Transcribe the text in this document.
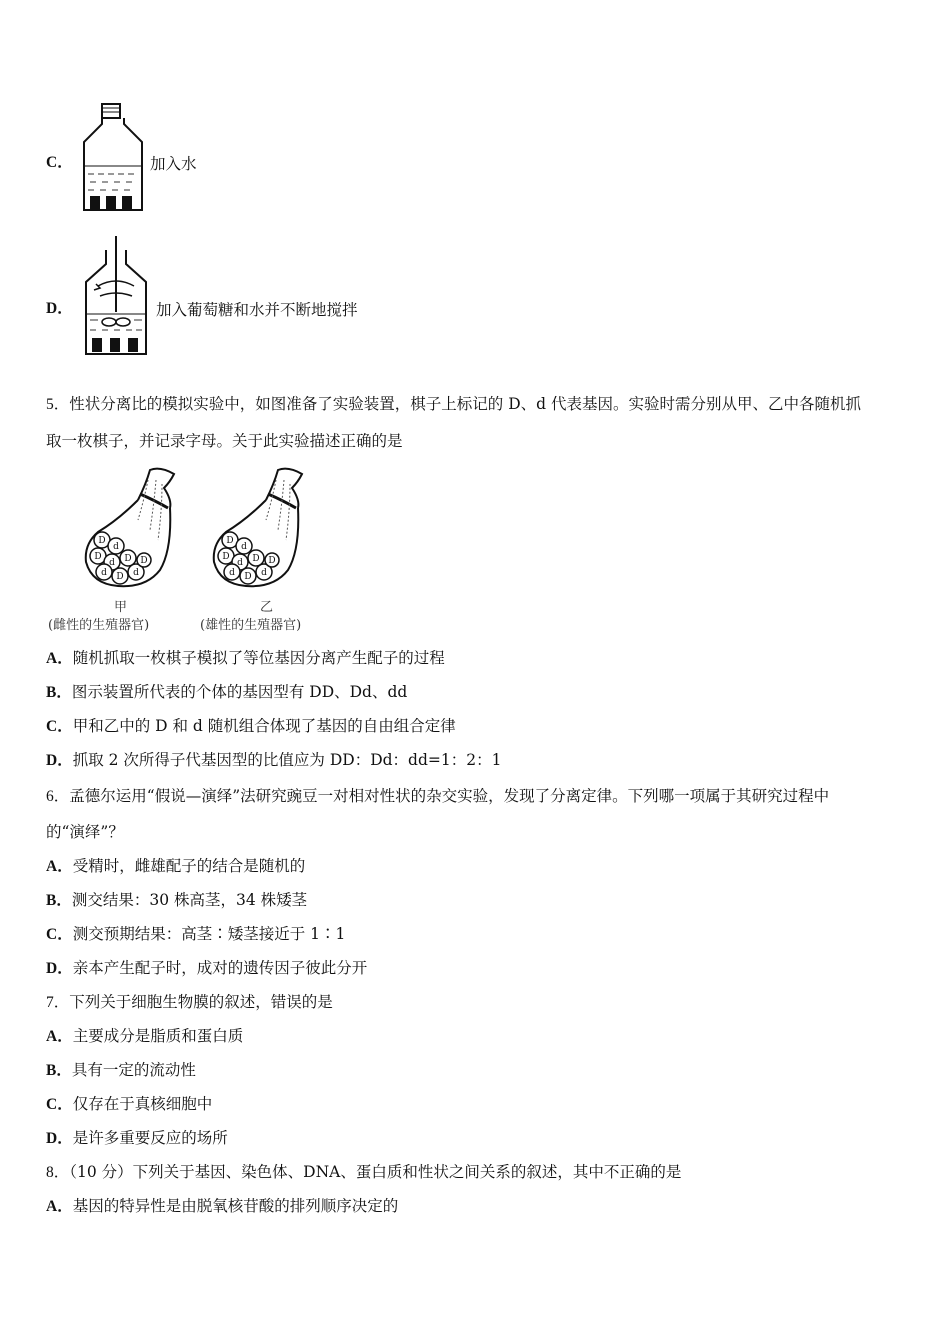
C．	加入水
D．	加入葡萄糖和水并不断地搅拌
5．性状分离比的模拟实验中，如图准备了实验装置，棋子上标记的 D、d 代表基因。实验时需分别从甲、乙中各随机抓
取一枚棋子，并记录字母。关于此实验描述正确的是
D
d
D
d D
d D d
D
D
d
D
d D
d D d
D
甲
(雌性的生殖器官)
乙
(雄性的生殖器官)
A．随机抓取一枚棋子模拟了等位基因分离产生配子的过程
B．图示装置所代表的个体的基因型有 DD、Dd、dd
C．甲和乙中的 D 和 d 随机组合体现了基因的自由组合定律
D．抓取 2 次所得子代基因型的比值应为 DD：Dd：dd=1：2：1
6．孟德尔运用“假说—演绎”法研究豌豆一对相对性状的杂交实验，发现了分离定律。下列哪一项属于其研究过程中
的“演绎”？
A．受精时，雌雄配子的结合是随机的
B．测交结果：30 株高茎，34 株矮茎
C．测交预期结果：高茎∶矮茎接近于 1∶1
D．亲本产生配子时，成对的遗传因子彼此分开
7．下列关于细胞生物膜的叙述，错误的是
A．主要成分是脂质和蛋白质
B．具有一定的流动性
C．仅存在于真核细胞中
D．是许多重要反应的场所
8．（10 分）下列关于基因、染色体、DNA、蛋白质和性状之间关系的叙述，其中不正确的是
A．基因的特异性是由脱氧核苷酸的排列顺序决定的
